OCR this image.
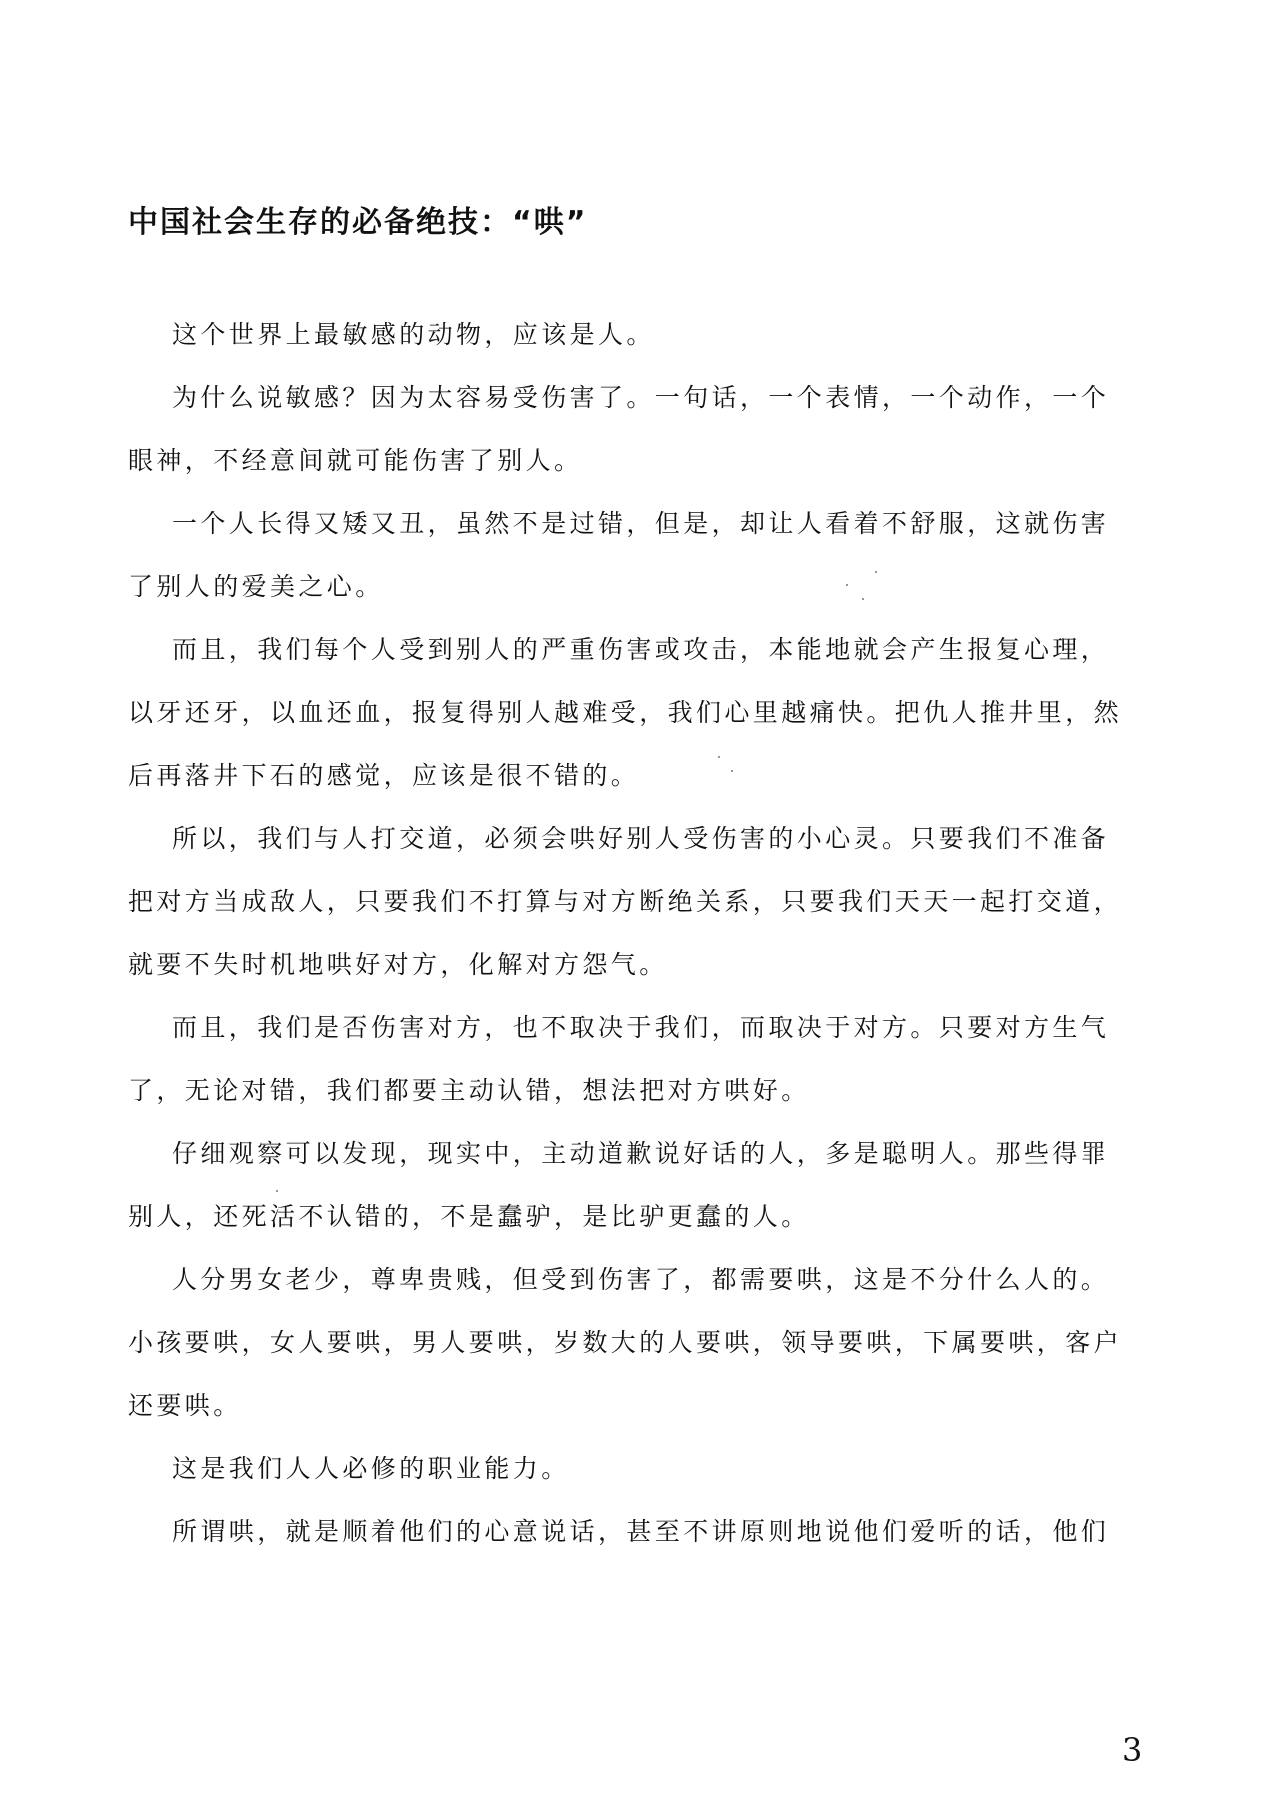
中国社会生存的必备绝技：“哄”
这个世界上最敏感的动物，应该是人。
为什么说敏感？因为太容易受伤害了。一句话，一个表情，一个动作，一个
眼神，不经意间就可能伤害了别人。
一个人长得又矮又丑，虽然不是过错，但是，却让人看着不舒服，这就伤害
了别人的爱美之心。
而且，我们每个人受到别人的严重伤害或攻击，本能地就会产生报复心理，
以牙还牙，以血还血，报复得别人越难受，我们心里越痛快。把仇人推井里，然
后再落井下石的感觉，应该是很不错的。
所以，我们与人打交道，必须会哄好别人受伤害的小心灵。只要我们不准备
把对方当成敌人，只要我们不打算与对方断绝关系，只要我们天天一起打交道，
就要不失时机地哄好对方，化解对方怨气。
而且，我们是否伤害对方，也不取决于我们，而取决于对方。只要对方生气
了，无论对错，我们都要主动认错，想法把对方哄好。
仔细观察可以发现，现实中，主动道歉说好话的人，多是聪明人。那些得罪
别人，还死活不认错的，不是蠢驴，是比驴更蠢的人。
人分男女老少，尊卑贵贱，但受到伤害了，都需要哄，这是不分什么人的。
小孩要哄，女人要哄，男人要哄，岁数大的人要哄，领导要哄，下属要哄，客户
还要哄。
这是我们人人必修的职业能力。
所谓哄，就是顺着他们的心意说话，甚至不讲原则地说他们爱听的话，他们
3
